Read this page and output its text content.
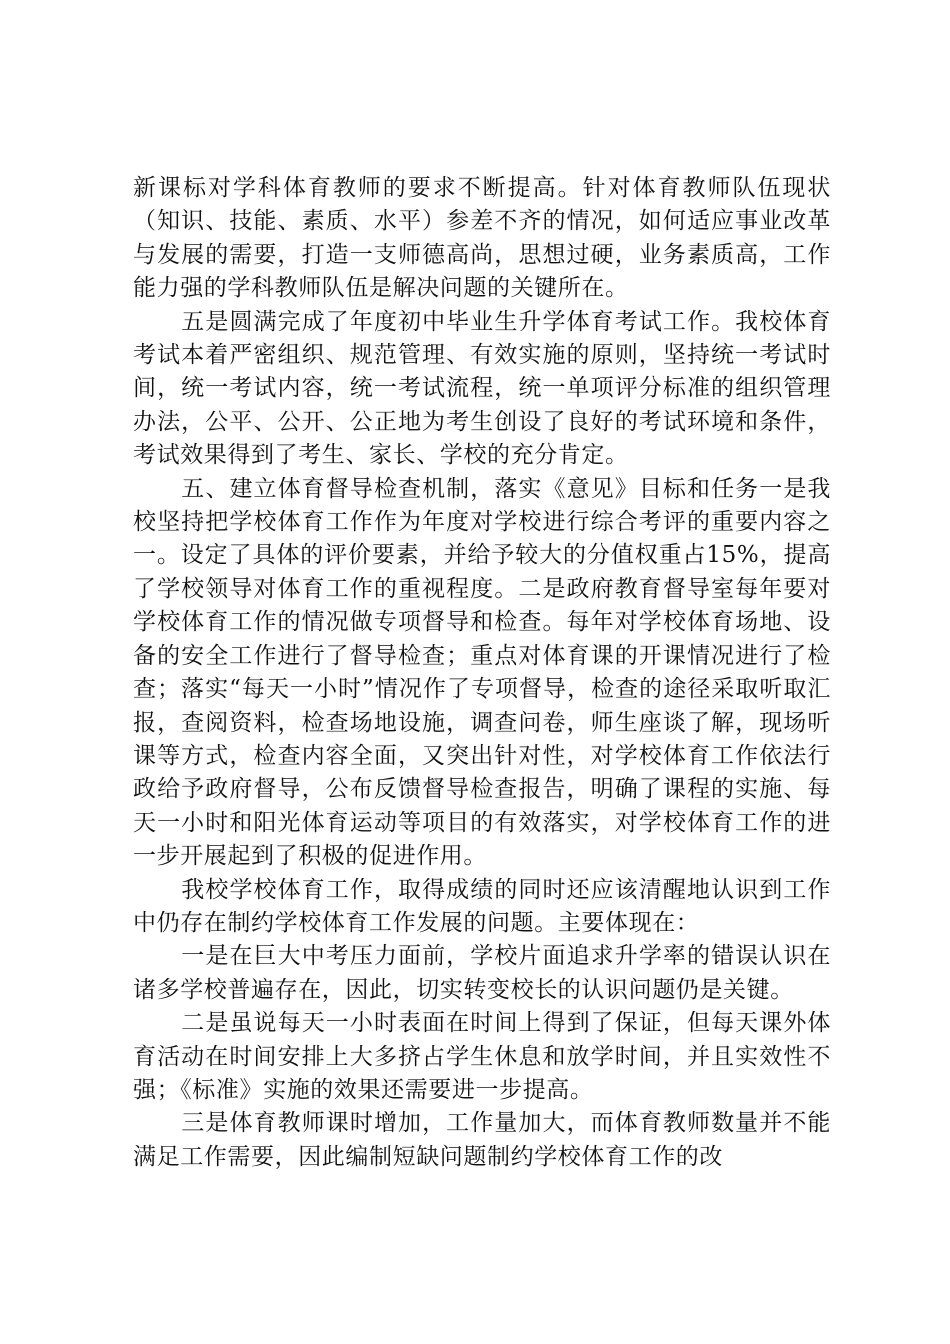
新课标对学科体育教师的要求不断提高。针对体育教师队伍现状（知识、技能、素质、水平）参差不齐的情况，如何适应事业改革与发展的需要，打造一支师德高尚，思想过硬，业务素质高，工作能力强的学科教师队伍是解决问题的关键所在。

五是圆满完成了年度初中毕业生升学体育考试工作。我校体育考试本着严密组织、规范管理、有效实施的原则，坚持统一考试时间，统一考试内容，统一考试流程，统一单项评分标准的组织管理办法，公平、公开、公正地为考生创设了良好的考试环境和条件，考试效果得到了考生、家长、学校的充分肯定。

五、建立体育督导检查机制，落实《意见》目标和任务一是我校坚持把学校体育工作作为年度对学校进行综合考评的重要内容之一。设定了具体的评价要素，并给予较大的分值权重占15%，提高了学校领导对体育工作的重视程度。二是政府教育督导室每年要对学校体育工作的情况做专项督导和检查。每年对学校体育场地、设备的安全工作进行了督导检查；重点对体育课的开课情况进行了检查；落实“每天一小时”情况作了专项督导，检查的途径采取听取汇报，查阅资料，检查场地设施，调查问卷，师生座谈了解，现场听课等方式，检查内容全面，又突出针对性，对学校体育工作依法行政给予政府督导，公布反馈督导检查报告，明确了课程的实施、每天一小时和阳光体育运动等项目的有效落实，对学校体育工作的进一步开展起到了积极的促进作用。

我校学校体育工作，取得成绩的同时还应该清醒地认识到工作中仍存在制约学校体育工作发展的问题。主要体现在：

一是在巨大中考压力面前，学校片面追求升学率的错误认识在诸多学校普遍存在，因此，切实转变校长的认识问题仍是关键。

二是虽说每天一小时表面在时间上得到了保证，但每天课外体育活动在时间安排上大多挤占学生休息和放学时间，并且实效性不强；《标准》实施的效果还需要进一步提高。

三是体育教师课时增加，工作量加大，而体育教师数量并不能满足工作需要，因此编制短缺问题制约学校体育工作的改
